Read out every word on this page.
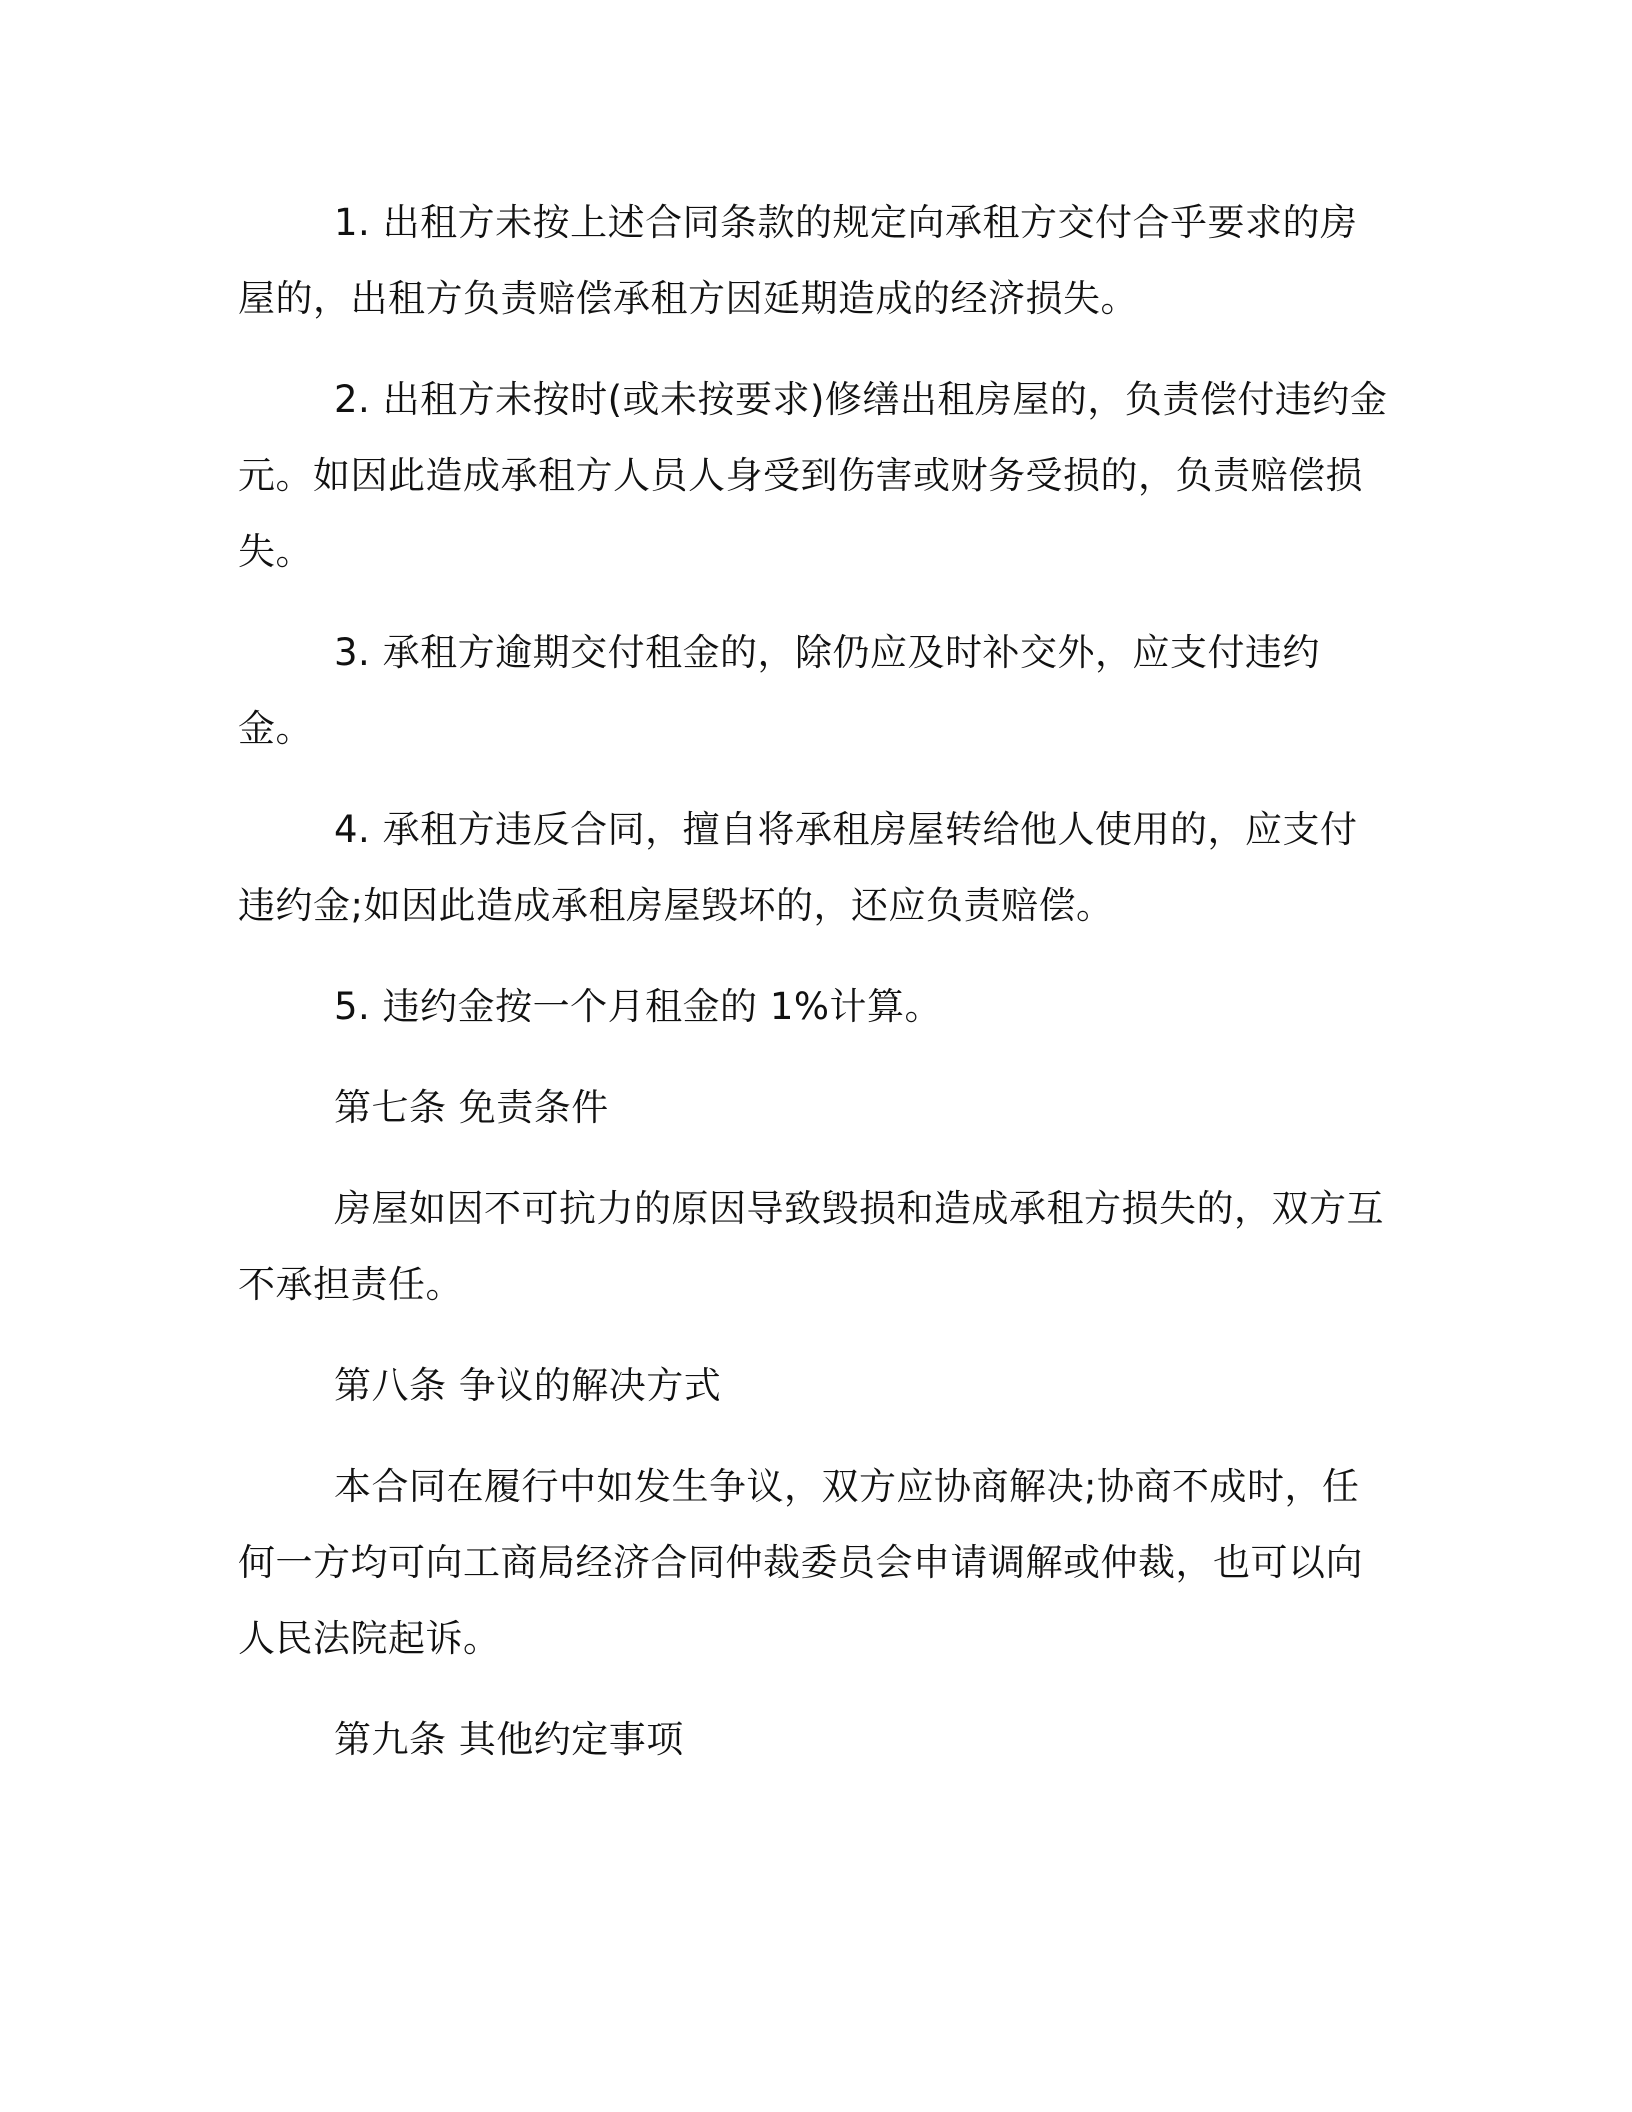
1. 出租方未按上述合同条款的规定向承租方交付合乎要求的房屋的，出租方负责赔偿承租方因延期造成的经济损失。

2. 出租方未按时(或未按要求)修缮出租房屋的，负责偿付违约金元。如因此造成承租方人员人身受到伤害或财务受损的，负责赔偿损失。

3. 承租方逾期交付租金的，除仍应及时补交外，应支付违约金。

4. 承租方违反合同，擅自将承租房屋转给他人使用的，应支付违约金;如因此造成承租房屋毁坏的，还应负责赔偿。

5. 违约金按一个月租金的 1%计算。

第七条 免责条件

房屋如因不可抗力的原因导致毁损和造成承租方损失的，双方互不承担责任。

第八条 争议的解决方式

本合同在履行中如发生争议，双方应协商解决;协商不成时，任何一方均可向工商局经济合同仲裁委员会申请调解或仲裁，也可以向人民法院起诉。

第九条 其他约定事项
